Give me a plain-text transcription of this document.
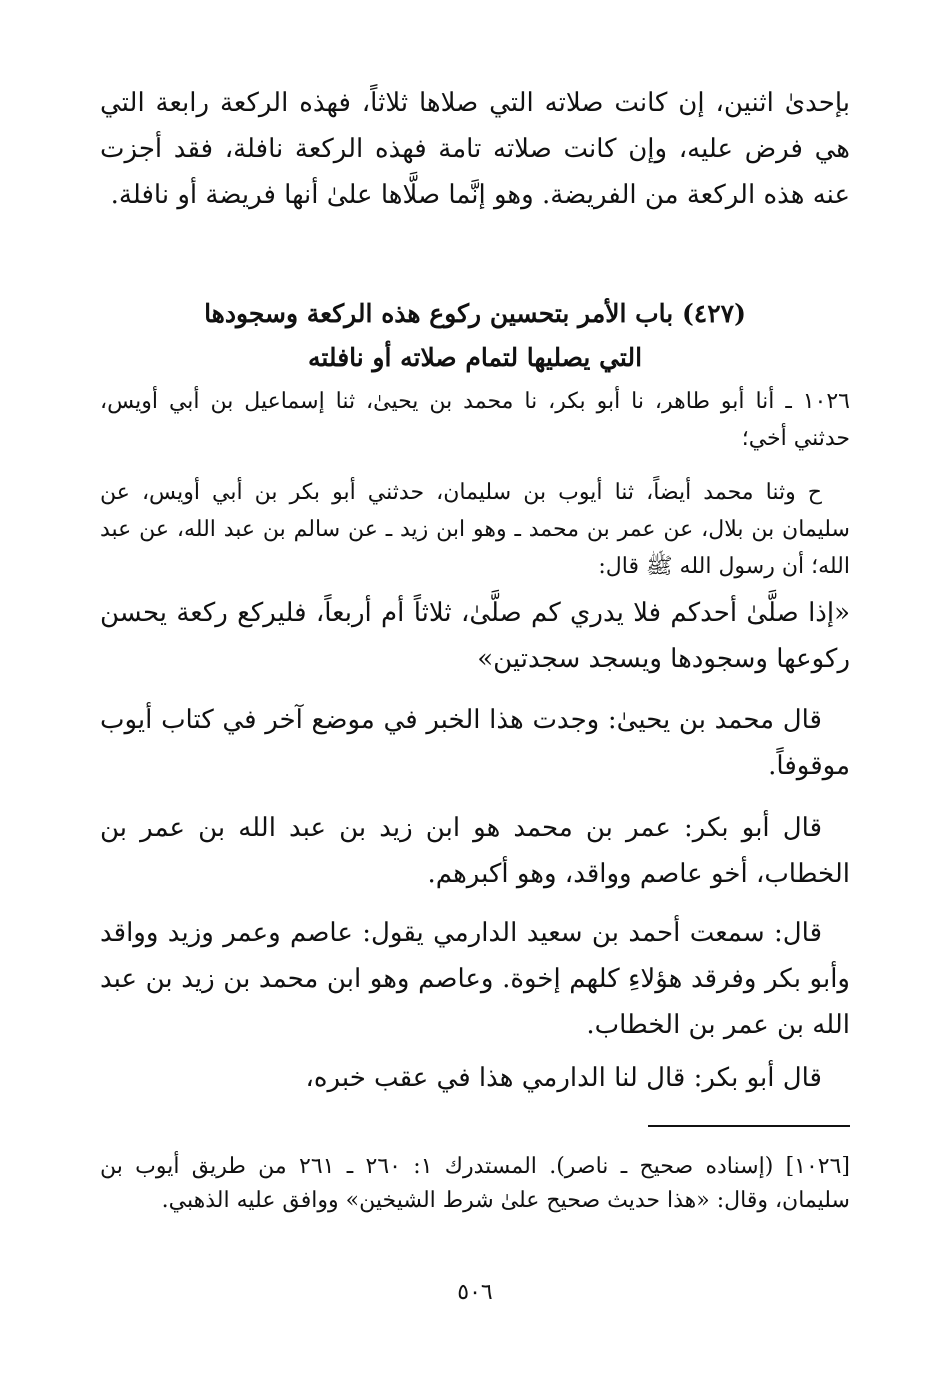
بإحدىٰ اثنين، إن كانت صلاته التي صلاها ثلاثاً، فهذه الركعة رابعة التي هي فرض عليه، وإن كانت صلاته تامة فهذه الركعة نافلة، فقد أجزت عنه هذه الركعة من الفريضة. وهو إنَّما صلَّاها علىٰ أنها فريضة أو نافلة.

(٤٢٧) باب الأمر بتحسين ركوع هذه الركعة وسجودها
التي يصليها لتمام صلاته أو نافلته

١٠٢٦ ـ أنا أبو طاهر، نا أبو بكر، نا محمد بن يحيىٰ، ثنا إسماعيل بن أبي أويس، حدثني أخي؛

ح وثنا محمد أيضاً، ثنا أيوب بن سليمان، حدثني أبو بكر بن أبي أويس، عن سليمان بن بلال، عن عمر بن محمد ـ وهو ابن زيد ـ عن سالم بن عبد الله، عن عبد الله؛ أن رسول الله ﷺ قال:

«إذا صلَّىٰ أحدكم فلا يدري كم صلَّىٰ، ثلاثاً أم أربعاً، فليركع ركعة يحسن ركوعها وسجودها ويسجد سجدتين»

قال محمد بن يحيىٰ: وجدت هذا الخبر في موضع آخر في كتاب أيوب موقوفاً.

قال أبو بكر: عمر بن محمد هو ابن زيد بن عبد الله بن عمر بن الخطاب، أخو عاصم وواقد، وهو أكبرهم.

قال: سمعت أحمد بن سعيد الدارمي يقول: عاصم وعمر وزيد وواقد وأبو بكر وفرقد هؤلاءِ كلهم إخوة. وعاصم وهو ابن محمد بن زيد بن عبد الله بن عمر بن الخطاب.

قال أبو بكر: قال لنا الدارمي هذا في عقب خبره،

[١٠٢٦] (إسناده صحيح ـ ناصر). المستدرك ١: ٢٦٠ ـ ٢٦١ من طريق أيوب بن سليمان، وقال: «هذا حديث صحيح علىٰ شرط الشيخين» ووافق عليه الذهبي.

٥٠٦
